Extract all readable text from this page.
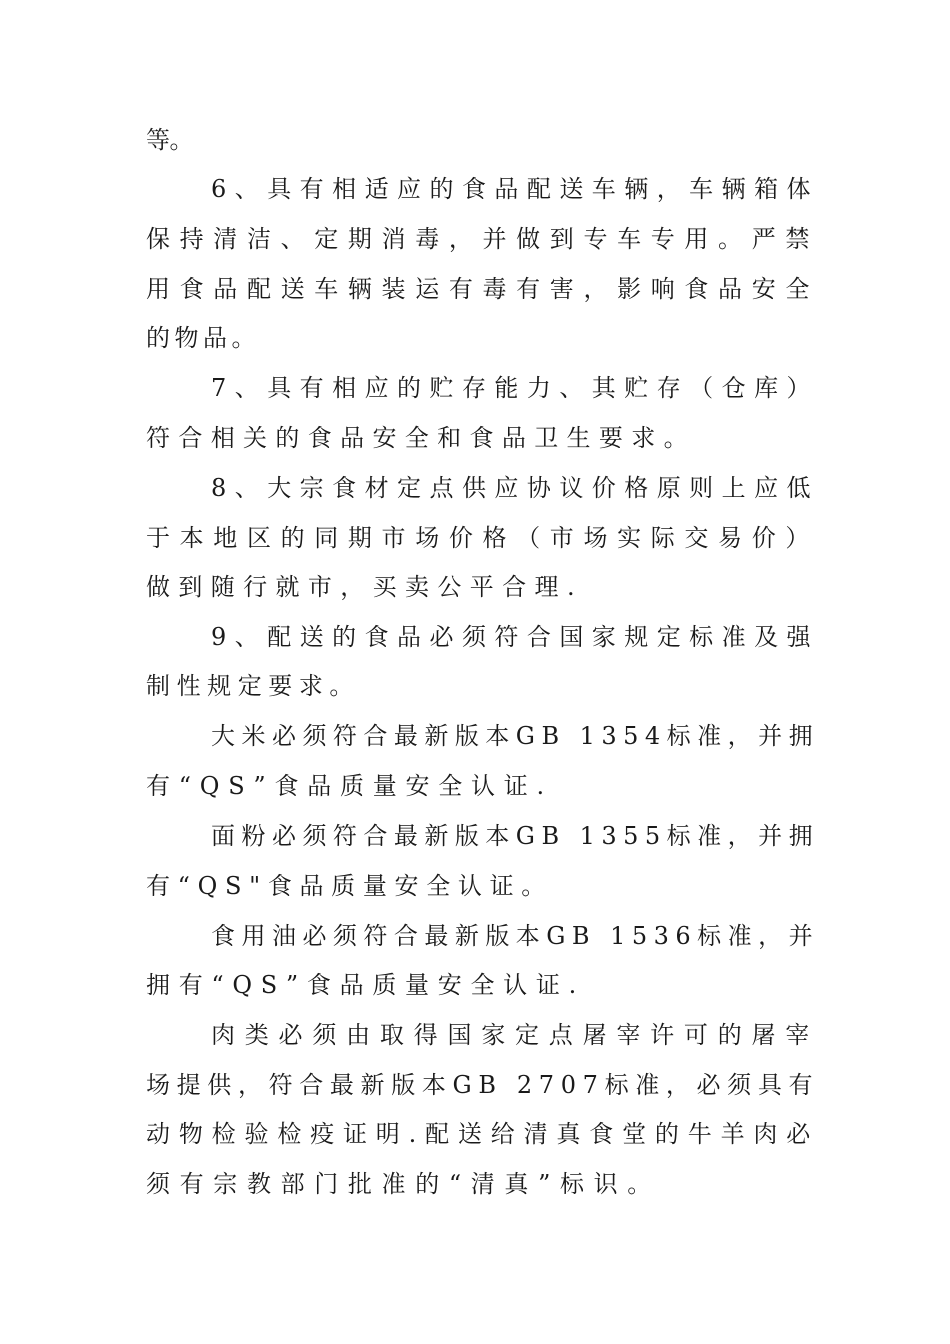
等。
6、具有相适应的食品配送车辆，车辆箱体
保持清洁、定期消毒，并做到专车专用。严禁
用食品配送车辆装运有毒有害，影响食品安全
的物品。
7、具有相应的贮存能力、其贮存（仓库）
符合相关的食品安全和食品卫生要求。
8、大宗食材定点供应协议价格原则上应低
于本地区的同期市场价格（市场实际交易价）
做到随行就市，买卖公平合理.
9、配送的食品必须符合国家规定标准及强
制性规定要求。
大米必须符合最新版本GB 1354标准，并拥
有“QS”食品质量安全认证.
面粉必须符合最新版本GB 1355标准，并拥
有“QS"食品质量安全认证。
食用油必须符合最新版本GB 1536标准，并
拥有“QS”食品质量安全认证.
肉类必须由取得国家定点屠宰许可的屠宰
场提供，符合最新版本GB 2707标准，必须具有
动物检验检疫证明.配送给清真食堂的牛羊肉必
须有宗教部门批准的“清真”标识。
